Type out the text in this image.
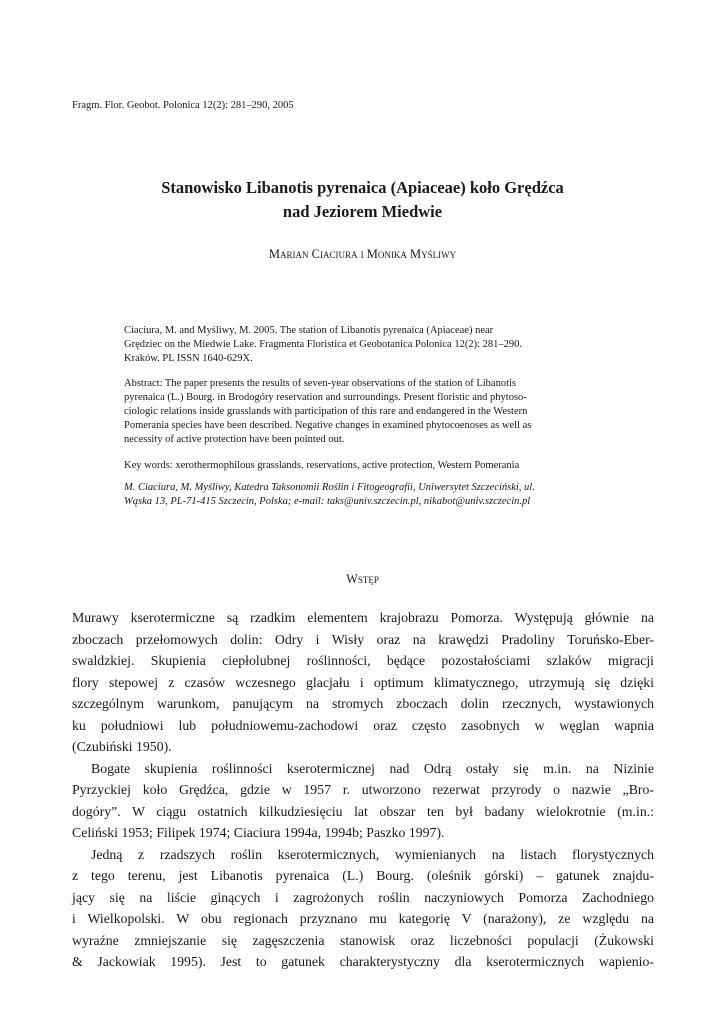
Fragm. Flor. Geobot. Polonica 12(2): 281–290, 2005
Stanowisko Libanotis pyrenaica (Apiaceae) koło Grędźca
nad Jeziorem Miedwie
Marian Ciaciura i Monika Myśliwy
Ciaciura, M. and Myśliwy, M. 2005. The station of Libanotis pyrenaica (Apiaceae) near
Grędziec on the Miedwie Lake. Fragmenta Floristica et Geobotanica Polonica 12(2): 281–290.
Kraków. PL ISSN 1640-629X.
Abstract: The paper presents the results of seven-year observations of the station of Libanotis
pyrenaica (L.) Bourg. in Brodogóry reservation and surroundings. Present floristic and phytoso-
ciologic relations inside grasslands with participation of this rare and endangered in the Western
Pomerania species have been described. Negative changes in examined phytocoenoses as well as
necessity of active protection have been pointed out.
Key words: xerothermophilous grasslands, reservations, active protection, Western Pomerania
M. Ciaciura, M. Myśliwy, Katedra Taksonomii Roślin i Fitogeografii, Uniwersytet Szczeciński, ul.
Wąska 13, PL-71-415 Szczecin, Polska; e-mail: taks@univ.szczecin.pl, nikabot@univ.szczecin.pl
Wstęp
Murawy kserotermiczne są rzadkim elementem krajobrazu Pomorza. Występują głównie na
zboczach przełomowych dolin: Odry i Wisły oraz na krawędzi Pradoliny Toruńsko-Eber-
swaldzkiej. Skupienia ciepłolubnej roślinności, będące pozostałościami szlaków migracji
flory stepowej z czasów wczesnego glacjału i optimum klimatycznego, utrzymują się dzięki
szczególnym warunkom, panującym na stromych zboczach dolin rzecznych, wystawionych
ku południowi lub południowemu-zachodowi oraz często zasobnych w węglan wapnia
(Czubiński 1950).
Bogate skupienia roślinności kserotermicznej nad Odrą ostały się m.in. na Nizinie
Pyrzyckiej koło Grędźca, gdzie w 1957 r. utworzono rezerwat przyrody o nazwie „Bro-
dogóry”. W ciągu ostatnich kilkudziesięciu lat obszar ten był badany wielokrotnie (m.in.:
Celiński 1953; Filipek 1974; Ciaciura 1994a, 1994b; Paszko 1997).
Jedną z rzadszych roślin kserotermicznych, wymienianych na listach florystycznych
z tego terenu, jest Libanotis pyrenaica (L.) Bourg. (oleśnik górski) – gatunek znajdu-
jący się na liście ginących i zagrożonych roślin naczyniowych Pomorza Zachodniego
i Wielkopolski. W obu regionach przyznano mu kategorię V (narażony), ze względu na
wyraźne zmniejszanie się zagęszczenia stanowisk oraz liczebności populacji (Żukowski
& Jackowiak 1995). Jest to gatunek charakterystyczny dla kserotermicznych wapienio-
